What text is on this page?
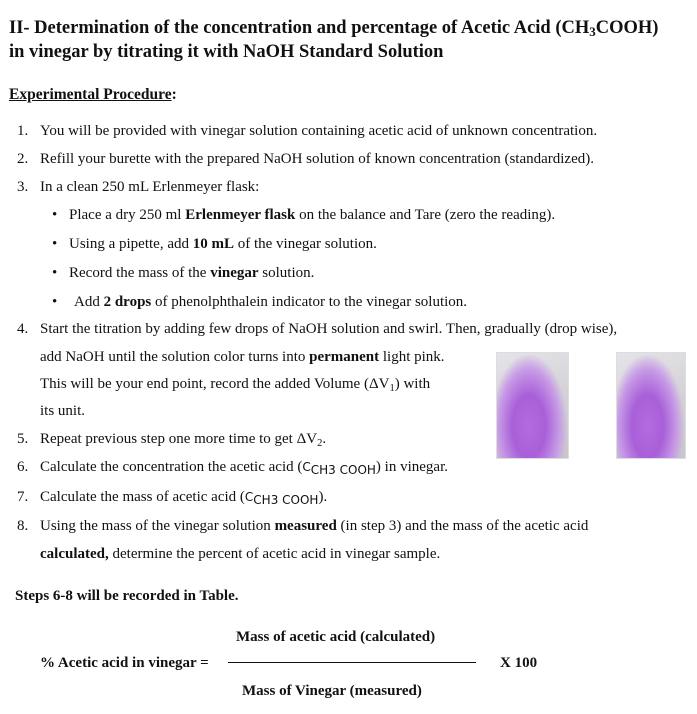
II- Determination of the concentration and percentage of Acetic Acid $(CH_3COOH)$
in vinegar by titrating it with NaOH Standard Solution
Experimental Procedure:
1. You will be provided with vinegar solution containing acetic acid of unknown concentration.
2. Refill your burette with the prepared NaOH solution of known concentration (standardized).
3. In a clean 250 mL Erlenmeyer flask:
• Place a dry 250 ml Erlenmeyer flask on the balance and Tare (zero the reading).
• Using a pipette, add 10 mL of the vinegar solution.
• Record the mass of the vinegar solution.
• Add 2 drops of phenolphthalein indicator to the vinegar solution.
4. Start the titration by adding few drops of NaOH solution and swirl. Then, gradually (drop wise),
add NaOH until the solution color turns into permanent light pink.
This will be your end point, record the added Volume $(\Delta V_1)$ with
its unit.
5. Repeat previous step one more time to get $\Delta V_2$.
6. Calculate the concentration the acetic acid ($C_{CH3}$ $_{COOH}$) in vinegar.
7. Calculate the mass of acetic acid ($C_{CH3}$ $_{COOH}$).
8. Using the mass of the vinegar solution measured (in step 3) and the mass of the acetic acid
calculated, determine the percent of acetic acid in vinegar sample.
Steps 6-8 will be recorded in Table.
Mass of acetic acid (calculated)
% Acetic acid in vinegar =	X 100
Mass of Vinegar (measured)
